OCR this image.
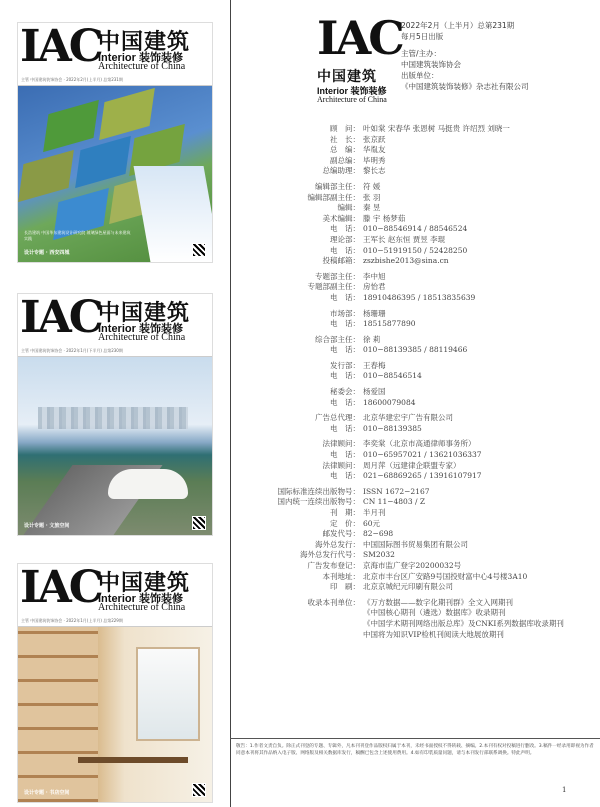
IAC
中国建筑
Interior 装饰装修
Architecture of China
主管 中国建筑装饰协会 · 2022年2月(上半月) 总第231期
长浩建筑 中国华东建筑设计研究院 玻璃绿色屋面与未来建筑实践
设计专题 · 西安四城
IAC
中国建筑
Interior 装饰装修
Architecture of China
主管 中国建筑装饰协会 · 2022年1月(下半月) 总第230期
设计专题 · 文旅空间
IAC
中国建筑
Interior 装饰装修
Architecture of China
主管 中国建筑装饰协会 · 2022年1月(上半月) 总第229期
设计专题 · 书店空间
IAC
中国建筑
Interior 装饰装修
Architecture of China
2022年2月（上半月）总第231期
每月5日出版
主管/主办：
中国建筑装饰协会
出版单位：
《中国建筑装饰装修》杂志社有限公司
顾　问： 叶如棠 宋春华 张恩树 马挺贵 许绍烈 刘晓一
社　长： 张京跃
总　编： 华胤友
副总编： 毕明秀
总编助理： 黎长志
编辑部主任： 符 媛
编辑部副主任： 张 羽
编辑： 秦 昱
美术编辑： 滕 宇 杨梦茹
电　话： 010−88546914 / 88546524
理论部： 王军长 赵东恒 贾昱 李琨
电　话： 010−51919150 / 52428250
投稿邮箱： zszbishe2013@sina.cn
专题部主任： 李中旭
专题部副主任： 房怡君
电　话： 18910486395 / 18513835639
市场部： 杨珊珊
电　话： 18515877890
综合部主任： 徐 莉
电　话： 010−88139385 / 88119466
发行部： 王春梅
电　话： 010−88546514
秘委会： 杨爱国
电　话： 18600079084
广告总代理： 北京华建宏宇广告有限公司
电　话： 010−88139385
法律顾问： 李奕棠（北京市高通律师事务所）
电　话： 010−65957021 / 13621036337
法律顾问： 周月萍（远建律企联盟专家）
电　话： 021−68869265 / 13916107917
国际标准连续出版物号： ISSN 1672−2167
国内统一连续出版物号： CN 11−4803 / Z
刊　期： 半月刊
定　价： 60元
邮发代号： 82−698
海外总发行： 中国国际图书贸易集团有限公司
海外总发行代号： SM2032
广告发布登记： 京海市监广登字20200032号
本刊地址： 北京市丰台区广安路9号国投财富中心4号楼3A10
印　刷： 北京京城纪元印刷有限公司
收录本刊单位： 《万方数据——数字化期刊群》全文入网期刊
《中国核心期刊（遴选）数据库》收录期刊
《中国学术期刊网络出版总库》及CNKI系列数据库收录期刊
中国将为知识VIP检机刊阅读大地展放期刊
敬告：1.作者文责自负。除正式刊登的专题、专辑外，凡本刊刊登作品版权归属于本刊，未经书面授权不得转载、摘编。2.本刊有权对投稿进行删改。3.稿件一经录用即视为作者同意本刊将其作品纳入电子版、网络版及相关数据库发行，稿酬已包含上述使用费用。4.如有印装质量问题，请与本刊发行部联系调换。特此声明。
1
